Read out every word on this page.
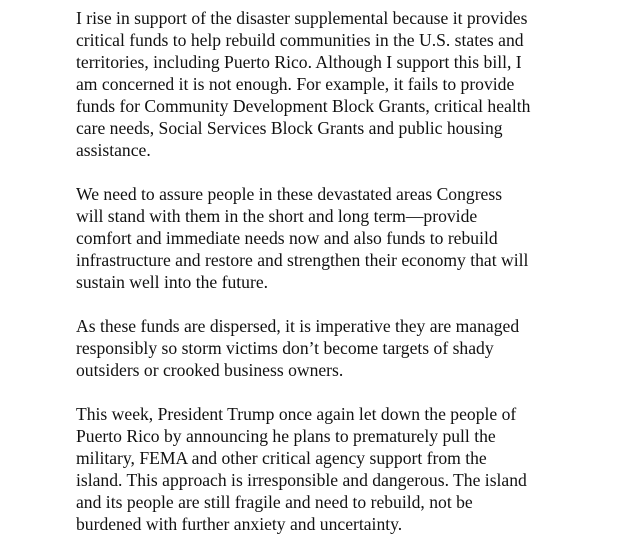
I rise in support of the disaster supplemental because it provides
critical funds to help rebuild communities in the U.S. states and
territories, including Puerto Rico. Although I support this bill, I
am concerned it is not enough. For example, it fails to provide
funds for Community Development Block Grants, critical health
care needs, Social Services Block Grants and public housing
assistance.

We need to assure people in these devastated areas Congress
will stand with them in the short and long term—provide
comfort and immediate needs now and also funds to rebuild
infrastructure and restore and strengthen their economy that will
sustain well into the future.

As these funds are dispersed, it is imperative they are managed
responsibly so storm victims don’t become targets of shady
outsiders or crooked business owners.

This week, President Trump once again let down the people of
Puerto Rico by announcing he plans to prematurely pull the
military, FEMA and other critical agency support from the
island. This approach is irresponsible and dangerous. The island
and its people are still fragile and need to rebuild, not be
burdened with further anxiety and uncertainty.
